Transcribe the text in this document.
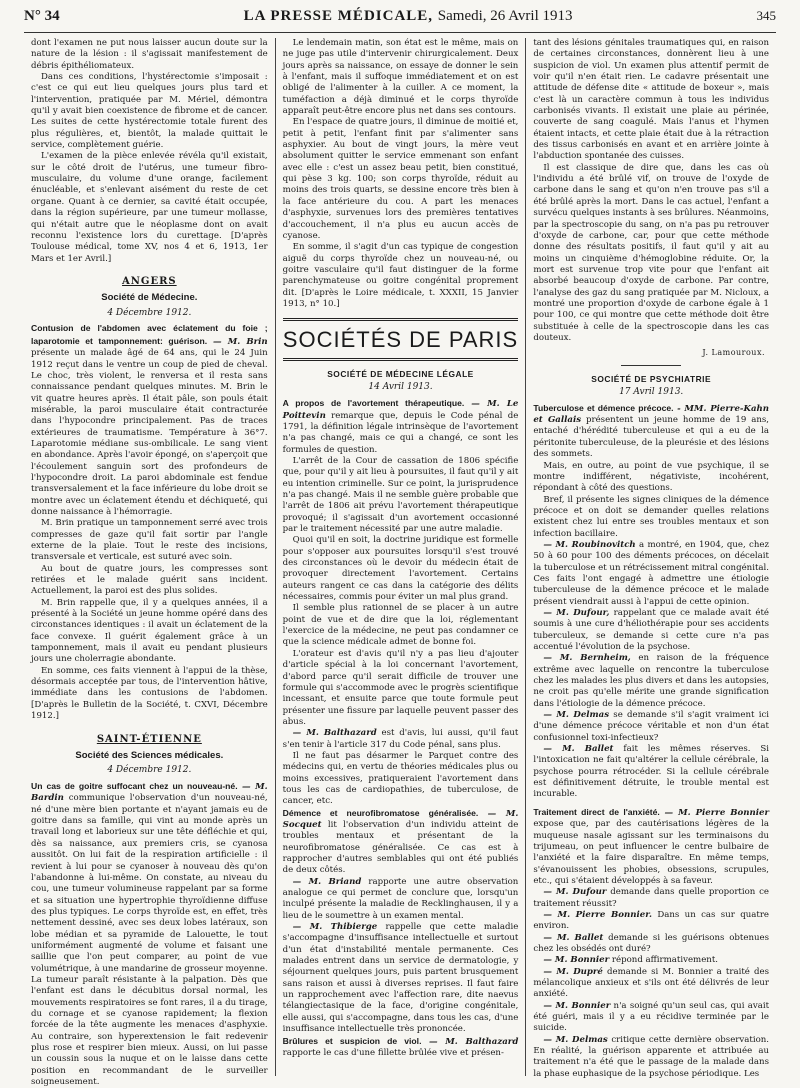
N° 34	LA PRESSE MÉDICALE, Samedi, 26 Avril 1913	345

dont l'examen ne put nous laisser aucun doute sur la nature de la lésion : il s'agissait manifestement de débris épithéliomateux.

Dans ces conditions, l'hystérectomie s'imposait : c'est ce qui eut lieu quelques jours plus tard et l'intervention, pratiquée par M. Mériel, démontra qu'il y avait bien coexistence de fibrome et de cancer. Les suites de cette hystérectomie totale furent des plus régulières, et, bientôt, la malade quittait le service, complètement guérie.

L'examen de la pièce enlevée révéla qu'il existait, sur le côté droit de l'utérus, une tumeur fibro-musculaire, du volume d'une orange, facilement énucléable, et s'enlevant aisément du reste de cet organe. Quant à ce dernier, sa cavité était occupée, dans la région supérieure, par une tumeur mollasse, qui n'était autre que le néoplasme dont on avait reconnu l'existence lors du curettage. [D'après Toulouse médical, tome XV, nos 4 et 6, 1913, 1er Mars et 1er Avril.]

ANGERS
Société de Médecine.
4 Décembre 1912.

Contusion de l'abdomen avec éclatement du foie ; laparotomie et tamponnement: guérison. — M. Brin présente un malade âgé de 64 ans, qui le 24 Juin 1912 reçut dans le ventre un coup de pied de cheval. Le choc, très violent, le renversa et il resta sans connaissance pendant quelques minutes. M. Brin le vit quatre heures après. Il était pâle, son pouls était misérable, la paroi musculaire était contracturée dans l'hypocondre principalement. Pas de traces extérieures de traumatisme. Température à 36°7. Laparotomie médiane sus-ombilicale. Le sang vient en abondance. Après l'avoir épongé, on s'aperçoit que l'écoulement sanguin sort des profondeurs de l'hypocondre droit. La paroi abdominale est fendue transversalement et la face inférieure du lobe droit se montre avec un éclatement étendu et déchiqueté, qui donne naissance à l'hémorragie.

M. Brin pratique un tamponnement serré avec trois compresses de gaze qu'il fait sortir par l'angle externe de la plaie. Tout le reste des incisions, transversale et verticale, est suturé avec soin.

Au bout de quatre jours, les compresses sont retirées et le malade guérit sans incident. Actuellement, la paroi est des plus solides.

M. Brin rappelle que, il y a quelques années, il a présenté à la Société un jeune homme opéré dans des circonstances identiques : il avait un éclatement de la face convexe. Il guérit également grâce à un tamponnement, mais il avait eu pendant plusieurs jours une cholerragie abondante.

En somme, ces faits viennent à l'appui de la thèse, désormais acceptée par tous, de l'intervention hâtive, immédiate dans les contusions de l'abdomen. [D'après le Bulletin de la Société, t. CXVI, Décembre 1912.]

SAINT-ÉTIENNE
Société des Sciences médicales.
4 Décembre 1912.

Un cas de goitre suffocant chez un nouveau-né. — M. Bardin communique l'observation d'un nouveau-né, né d'une mère bien portante et n'ayant jamais eu de goitre dans sa famille, qui vint au monde après un travail long et laborieux sur une tête défléchie et qui, dès sa naissance, aux premiers cris, se cyanosa aussitôt. On lui fait de la respiration artificielle : il revient à lui pour se cyanoser à nouveau dès qu'on l'abandonne à lui-même. On constate, au niveau du cou, une tumeur volumineuse rappelant par sa forme et sa situation une hypertrophie thyroïdienne diffuse des plus typiques. Le corps thyroïde est, en effet, très nettement dessiné, avec ses deux lobes latéraux, son lobe médian et sa pyramide de Lalouette, le tout uniformément augmenté de volume et faisant une saillie que l'on peut comparer, au point de vue volumétrique, à une mandarine de grosseur moyenne. La tumeur paraît résistante à la palpation. Dès que l'enfant est dans le décubitus dorsal normal, les mouvements respiratoires se font rares, il a du tirage, du cornage et se cyanose rapidement; la flexion forcée de la tête augmente les menaces d'asphyxie. Au contraire, son hyperextension le fait redevenir plus rose et respirer bien mieux. Aussi, on lui passe un coussin sous la nuque et on le laisse dans cette position en recommandant de le surveiller soigneusement.

Le lendemain matin, son état est le même, mais on ne juge pas utile d'intervenir chirurgicalement. Deux jours après sa naissance, on essaye de donner le sein à l'enfant, mais il suffoque immédiatement et on est obligé de l'alimenter à la cuiller. A ce moment, la tuméfaction a déjà diminué et le corps thyroïde apparaît peut-être encore plus net dans ses contours.

En l'espace de quatre jours, il diminue de moitié et, petit à petit, l'enfant finit par s'alimenter sans asphyxier. Au bout de vingt jours, la mère veut absolument quitter le service emmenant son enfant avec elle : c'est un assez beau petit, bien constitué, qui pèse 3 kg. 100; son corps thyroïde, réduit au moins des trois quarts, se dessine encore très bien à la face antérieure du cou. A part les menaces d'asphyxie, survenues lors des premières tentatives d'accouchement, il n'a plus eu aucun accès de cyanose.

En somme, il s'agit d'un cas typique de congestion aiguë du corps thyroïde chez un nouveau-né, ou goitre vasculaire qu'il faut distinguer de la forme parenchymateuse ou goitre congénital proprement dit. [D'après le Loire médicale, t. XXXII, 15 Janvier 1913, n° 10.]

SOCIÉTÉS DE PARIS
SOCIÉTÉ DE MÉDECINE LÉGALE
14 Avril 1913.

A propos de l'avortement thérapeutique. — M. Le Poittevin remarque que, depuis le Code pénal de 1791, la définition légale intrinsèque de l'avortement n'a pas changé, mais ce qui a changé, ce sont les formules de question.

L'arrêt de la Cour de cassation de 1806 spécifie que, pour qu'il y ait lieu à poursuites, il faut qu'il y ait eu intention criminelle. Sur ce point, la jurisprudence n'a pas changé. Mais il ne semble guère probable que l'arrêt de 1806 ait prévu l'avortement thérapeutique provoqué; il s'agissait d'un avortement occasionné par le traitement nécessité par une autre maladie.

Quoi qu'il en soit, la doctrine juridique est formelle pour s'opposer aux poursuites lorsqu'il s'est trouvé des circonstances où le devoir du médecin était de provoquer directement l'avortement. Certains auteurs rangent ce cas dans la catégorie des délits nécessaires, commis pour éviter un mal plus grand.

Il semble plus rationnel de se placer à un autre point de vue et de dire que la loi, réglementant l'exercice de la médecine, ne peut pas condamner ce que la science médicale admet de bonne foi.

L'orateur est d'avis qu'il n'y a pas lieu d'ajouter d'article spécial à la loi concernant l'avortement, d'abord parce qu'il serait difficile de trouver une formule qui s'accommode avec le progrès scientifique incessant, et ensuite parce que toute formule peut présenter une fissure par laquelle peuvent passer des abus.

— M. Balthazard est d'avis, lui aussi, qu'il faut s'en tenir à l'article 317 du Code pénal, sans plus.

Il ne faut pas désarmer le Parquet contre des médecins qui, en vertu de théories médicales plus ou moins excessives, pratiqueraient l'avortement dans tous les cas de cardiopathies, de tuberculose, de cancer, etc.

Démence et neurofibromatose généralisée. — M. Socquet lit l'observation d'un individu atteint de troubles mentaux et présentant de la neurofibromatose généralisée. Ce cas est à rapprocher d'autres semblables qui ont été publiés de deux côtés.

— M. Briand rapporte une autre observation analogue ce qui permet de conclure que, lorsqu'un inculpé présente la maladie de Recklinghausen, il y a lieu de le soumettre à un examen mental.

— M. Thibierge rappelle que cette maladie s'accompagne d'insuffisance intellectuelle et surtout d'un état d'instabilité mentale permanente. Ces malades entrent dans un service de dermatologie, y séjournent quelques jours, puis partent brusquement sans raison et aussi à diverses reprises. Il faut faire un rapprochement avec l'affection rare, dite naevus télangiectasique de la face, d'origine congénitale, elle aussi, qui s'accompagne, dans tous les cas, d'une insuffisance intellectuelle très prononcée.

Brûlures et suspicion de viol. — M. Balthazard rapporte le cas d'une fillette brûlée vive et présen-

tant des lésions génitales traumatiques qui, en raison de certaines circonstances, donnèrent lieu à une suspicion de viol. Un examen plus attentif permit de voir qu'il n'en était rien. Le cadavre présentait une attitude de défense dite « attitude de boxeur », mais c'est là un caractère commun à tous les individus carbonisés vivants. Il existait une plaie au périnée, couverte de sang coagulé. Mais l'anus et l'hymen étaient intacts, et cette plaie était due à la rétraction des tissus carbonisés en avant et en arrière jointe à l'abduction spontanée des cuisses.

Il est classique de dire que, dans les cas où l'individu a été brûlé vif, on trouve de l'oxyde de carbone dans le sang et qu'on n'en trouve pas s'il a été brûlé après la mort. Dans le cas actuel, l'enfant a survécu quelques instants à ses brûlures. Néanmoins, par la spectroscopie du sang, on n'a pas pu retrouver d'oxyde de carbone, car, pour que cette méthode donne des résultats positifs, il faut qu'il y ait au moins un cinquième d'hémoglobine réduite. Or, la mort est survenue trop vite pour que l'enfant ait absorbé beaucoup d'oxyde de carbone. Par contre, l'analyse des gaz du sang pratiquée par M. Nicloux, a montré une proportion d'oxyde de carbone égale à 1 pour 100, ce qui montre que cette méthode doit être substituée à celle de la spectroscopie dans les cas douteux.

J. Lamouroux.
SOCIÉTÉ DE PSYCHIATRIE
17 Avril 1913.

Tuberculose et démence précoce. - MM. Pierre-Kahn et Gallais présentent un jeune homme de 19 ans, entaché d'hérédité tuberculeuse et qui a eu de la péritonite tuberculeuse, de la pleurésie et des lésions des sommets.

Mais, en outre, au point de vue psychique, il se montre indifférent, négativiste, incohérent, répondant à côté des questions.

Bref, il présente les signes cliniques de la démence précoce et on doit se demander quelles relations existent chez lui entre ses troubles mentaux et son infection bacillaire.

— M. Roubinovitch a montré, en 1904, que, chez 50 à 60 pour 100 des déments précoces, on décelait la tuberculose et un rétrécissement mitral congénital. Ces faits l'ont engagé à admettre une étiologie tuberculeuse de la démence précoce et le malade présent viendrait aussi à l'appui de cette opinion.

— M. Dufour, rappelant que ce malade avait été soumis à une cure d'héliothérapie pour ses accidents tuberculeux, se demande si cette cure n'a pas accentué l'évolution de la psychose.

— M. Bernheim, en raison de la fréquence extrême avec laquelle on rencontre la tuberculose chez les malades les plus divers et dans les autopsies, ne croit pas qu'elle mérite une grande signification dans l'étiologie de la démence précoce.

— M. Delmas se demande s'il s'agit vraiment ici d'une démence précoce véritable et non d'un état confusionnel toxi-infectieux?

— M. Ballet fait les mêmes réserves. Si l'intoxication ne fait qu'altérer la cellule cérébrale, la psychose pourra rétrocéder. Si la cellule cérébrale est définitivement détruite, le trouble mental est incurable.

Traitement direct de l'anxiété. — M. Pierre Bonnier expose que, par des cautérisations légères de la muqueuse nasale agissant sur les terminaisons du trijumeau, on peut influencer le centre bulbaire de l'anxiété et la faire disparaître. En même temps, s'évanouissent les phobies, obsessions, scrupules, etc., qui s'étaient développés à sa faveur.

— M. Dufour demande dans quelle proportion ce traitement réussit?

— M. Pierre Bonnier. Dans un cas sur quatre environ.

— M. Ballet demande si les guérisons obtenues chez les obsédés ont duré?

— M. Bonnier répond affirmativement.

— M. Dupré demande si M. Bonnier a traité des mélancolique anxieux et s'ils ont été délivrés de leur anxiété.

— M. Bonnier n'a soigné qu'un seul cas, qui avait été guéri, mais il y a eu récidive terminée par le suicide.

— M. Delmas critique cette dernière observation. En réalité, la guérison apparente et attribuée au traitement n'a été que le passage de la malade dans la phase euphasique de la psychose périodique. Les
